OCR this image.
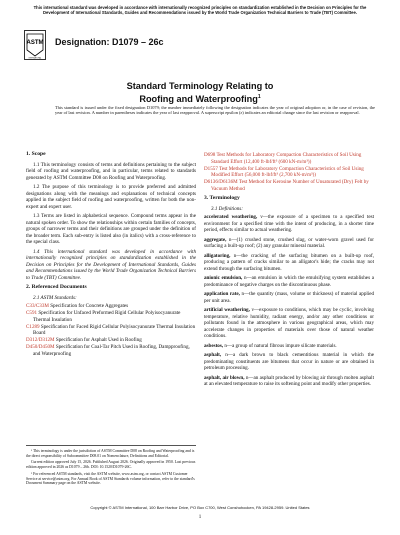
This international standard was developed in accordance with internationally recognized principles on standardization established in the Decision on Principles for the Development of International Standards, Guides and Recommendations issued by the World Trade Organization Technical Barriers to Trade (TBT) Committee.
ASTM
INTERNATIONAL
Designation: D1079 – 26c
Standard Terminology Relating to
Roofing and Waterproofing$^1$
This standard is issued under the fixed designation D1079; the number immediately following the designation indicates the year of original adoption or, in the case of revision, the year of last revision. A number in parentheses indicates the year of last reapproval. A superscript epsilon (ε) indicates an editorial change since the last revision or reapproval.
1. Scope

1.1 This terminology consists of terms and definitions pertaining to the subject field of roofing and waterproofing, and in particular, terms related to standards generated by ASTM Committee D08 on Roofing and Waterproofing.

1.2 The purpose of this terminology is to provide preferred and admitted designations along with the meanings and explanations of technical concepts applied in the subject field of roofing and waterproofing, written for both the non-expert and expert user.

1.3 Terms are listed in alphabetical sequence. Compound terms appear in the natural spoken order. To show the relationships within certain families of concepts, groups of narrower terms and their definitions are grouped under the definition of the broader term. Each sub-entry is listed also (in italics) with a cross-reference to the special class.

1.4 This international standard was developed in accordance with internationally recognized principles on standardization established in the Decision on Principles for the Development of International Standards, Guides and Recommendations issued by the World Trade Organization Technical Barriers to Trade (TBT) Committee.

2. Referenced Documents
2.1 ASTM Standards:
C33/C33M Specification for Concrete Aggregates
C591 Specification for Unfaced Preformed Rigid Cellular Polyisocyanurate Thermal Insulation
C1289 Specification for Faced Rigid Cellular Polyisocyanurate Thermal Insulation Board
D312/D312M Specification for Asphalt Used in Roofing
D450/D450M Specification for Coal-Tar Pitch Used in Roofing, Dampproofing, and Waterproofing
¹ This terminology is under the jurisdiction of ASTM Committee D08 on Roofing and Waterproofing and is the direct responsibility of Subcommittee D08.01 on Nomenclature, Definitions and Editorial.
Current edition approved July 15, 2026. Published August 2026. Originally approved in 1950. Last previous edition approved in 2026 as D1079 – 26b. DOI: 10.1520/D1079-26C.
² For referenced ASTM standards, visit the ASTM website, www.astm.org, or contact ASTM Customer Service at service@astm.org. For Annual Book of ASTM Standards volume information, refer to the standard's Document Summary page on the ASTM website.
D698 Test Methods for Laboratory Compaction Characteristics of Soil Using Standard Effort (12,400 ft-lbf/ft³ (600 kN-m/m³))
D1557 Test Methods for Laboratory Compaction Characteristics of Soil Using Modified Effort (56,000 ft-lbf/ft³ (2,700 kN-m/m³))
D6136/D6136M Test Method for Kerosine Number of Unsaturated (Dry) Felt by Vacuum Method
3. Terminology
3.1 Definitions:
accelerated weathering, v—the exposure of a specimen to a specified test environment for a specified time with the intent of producing, in a shorter time period, effects similar to actual weathering.
aggregate, n—(1) crushed stone, crushed slag, or water-worn gravel used for surfacing a built-up roof; (2) any granular mineral material.
alligatoring, n—the cracking of the surfacing bitumen on a built-up roof, producing a pattern of cracks similar to an alligator's hide; the cracks may not extend through the surfacing bitumen.
anionic emulsion, n—an emulsion in which the emulsifying system establishes a predominance of negative charges on the discontinuous phase.
application rate, n—the quantity (mass, volume or thickness) of material applied per unit area.
artificial weathering, v—exposure to conditions, which may be cyclic, involving temperature, relative humidity, radiant energy, and/or any other conditions or pollutants found in the atmosphere in various geographical areas, which may accelerate changes in properties of materials over those of natural weather conditions.
asbestos, n—a group of natural fibrous impure silicate materials.
asphalt, n—a dark brown to black cementitious material in which the predominating constituents are bitumens that occur in nature or are obtained in petroleum processing.
asphalt, air blown, n—an asphalt produced by blowing air through molten asphalt at an elevated temperature to raise its softening point and modify other properties.
Copyright © ASTM International, 100 Barr Harbor Drive, PO Box C700, West Conshohocken, PA 19428-2959. United States
1
